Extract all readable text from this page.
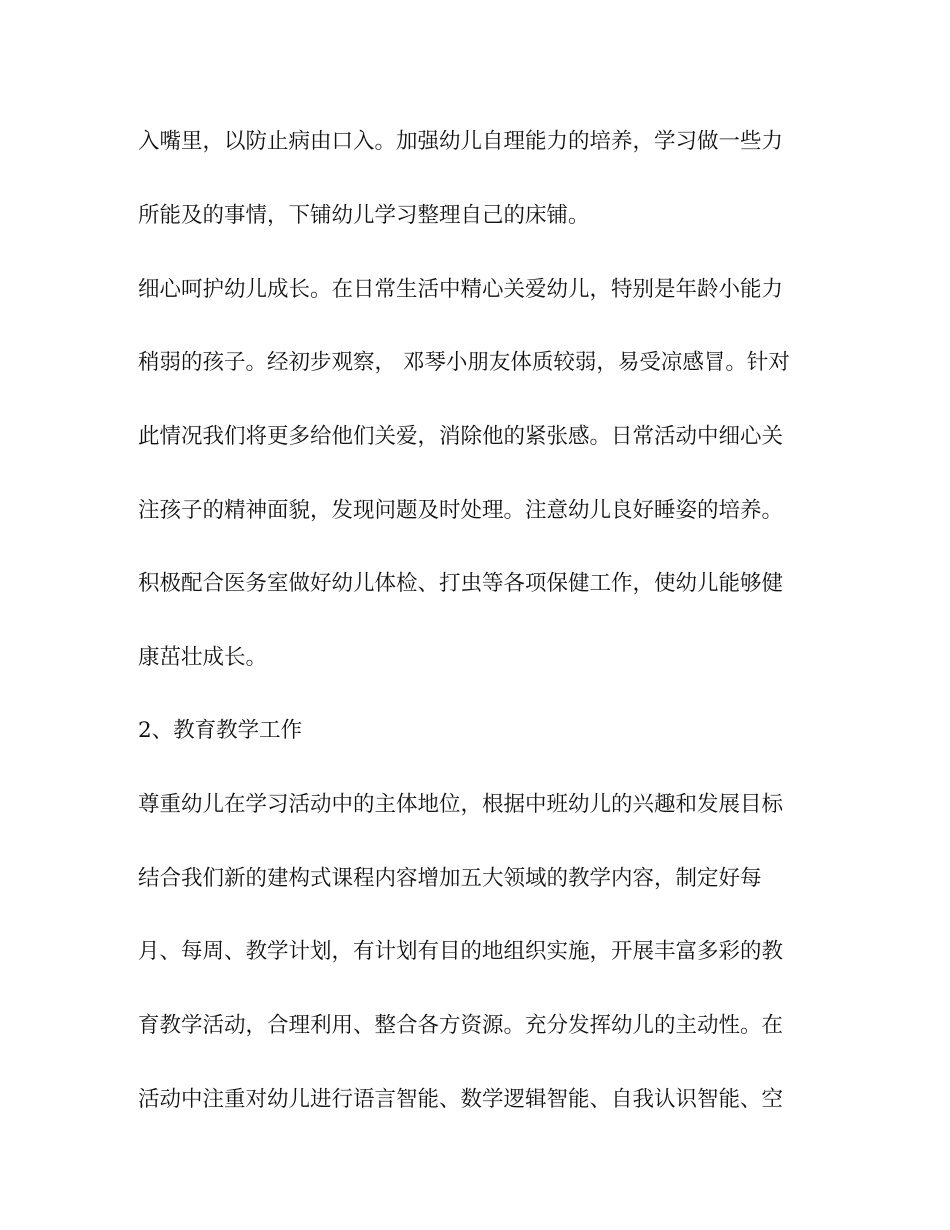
入嘴里，以防止病由口入。加强幼儿自理能力的培养，学习做一些力
所能及的事情，下铺幼儿学习整理自己的床铺。
细心呵护幼儿成长。在日常生活中精心关爱幼儿，特别是年龄小能力
稍弱的孩子。经初步观察， 邓琴小朋友体质较弱，易受凉感冒。针对
此情况我们将更多给他们关爱，消除他的紧张感。日常活动中细心关
注孩子的精神面貌，发现问题及时处理。注意幼儿良好睡姿的培养。
积极配合医务室做好幼儿体检、打虫等各项保健工作，使幼儿能够健
康茁壮成长。
2、教育教学工作
尊重幼儿在学习活动中的主体地位，根据中班幼儿的兴趣和发展目标
结合我们新的建构式课程内容增加五大领域的教学内容，制定好每
月、每周、教学计划，有计划有目的地组织实施，开展丰富多彩的教
育教学活动，合理利用、整合各方资源。充分发挥幼儿的主动性。在
活动中注重对幼儿进行语言智能、数学逻辑智能、自我认识智能、空
